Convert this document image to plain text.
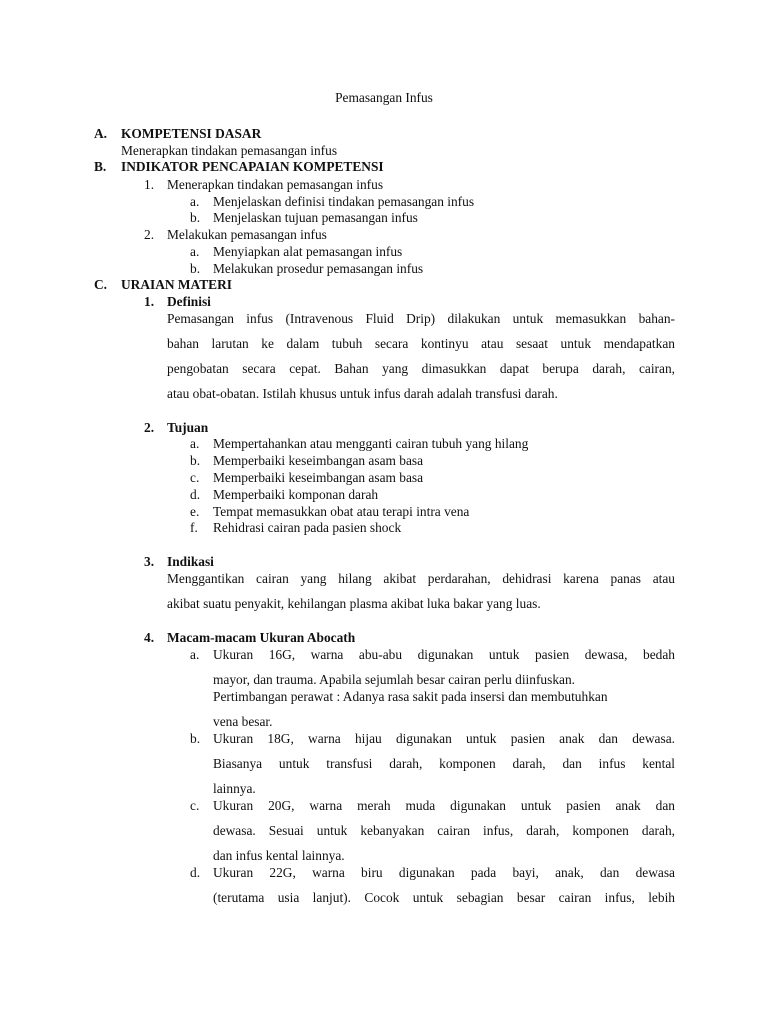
Pemasangan Infus
A. KOMPETENSI DASAR
Menerapkan tindakan pemasangan infus
B. INDIKATOR PENCAPAIAN KOMPETENSI
1. Menerapkan tindakan pemasangan infus
a. Menjelaskan definisi tindakan pemasangan infus
b. Menjelaskan tujuan pemasangan infus
2. Melakukan pemasangan infus
a. Menyiapkan alat pemasangan infus
b. Melakukan prosedur pemasangan infus
C. URAIAN MATERI
1. Definisi
Pemasangan infus (Intravenous Fluid Drip) dilakukan untuk memasukkan bahan-
bahan larutan ke dalam tubuh secara kontinyu atau sesaat untuk mendapatkan
pengobatan secara cepat. Bahan yang dimasukkan dapat berupa darah, cairan,
atau obat-obatan. Istilah khusus untuk infus darah adalah transfusi darah.
2. Tujuan
a. Mempertahankan atau mengganti cairan tubuh yang hilang
b. Memperbaiki keseimbangan asam basa
c. Memperbaiki keseimbangan asam basa
d. Memperbaiki komponan darah
e. Tempat memasukkan obat atau terapi intra vena
f. Rehidrasi cairan pada pasien shock
3. Indikasi
Menggantikan cairan yang hilang akibat perdarahan, dehidrasi karena panas atau
akibat suatu penyakit, kehilangan plasma akibat luka bakar yang luas.
4. Macam-macam Ukuran Abocath
a. Ukuran 16G, warna abu-abu digunakan untuk pasien dewasa, bedah
mayor, dan trauma. Apabila sejumlah besar cairan perlu diinfuskan.
Pertimbangan perawat : Adanya rasa sakit pada insersi dan membutuhkan
vena besar.
b. Ukuran 18G, warna hijau digunakan untuk pasien anak dan dewasa.
Biasanya untuk transfusi darah, komponen darah, dan infus kental
lainnya.
c. Ukuran 20G, warna merah muda digunakan untuk pasien anak dan
dewasa. Sesuai untuk kebanyakan cairan infus, darah, komponen darah,
dan infus kental lainnya.
d. Ukuran 22G, warna biru digunakan pada bayi, anak, dan dewasa
(terutama usia lanjut). Cocok untuk sebagian besar cairan infus, lebih
